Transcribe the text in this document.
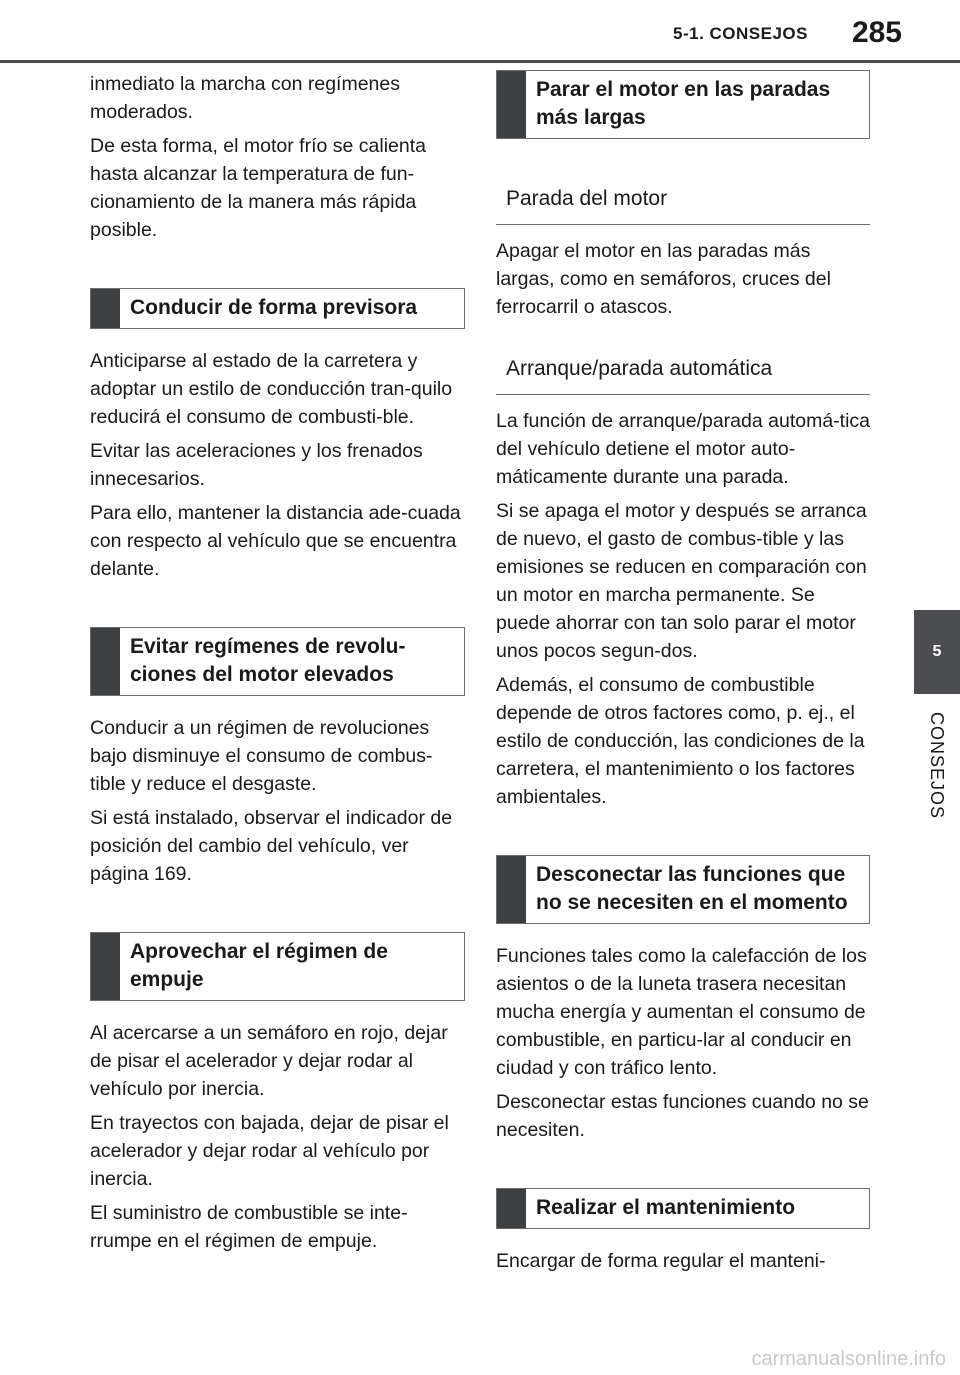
5-1. CONSEJOS 285
5
CONSEJOS

inmediato la marcha con regímenes moderados.

De esta forma, el motor frío se calienta hasta alcanzar la temperatura de fun-cionamiento de la manera más rápida posible.

Conducir de forma previsora

Anticiparse al estado de la carretera y adoptar un estilo de conducción tran-quilo reducirá el consumo de combusti-ble.

Evitar las aceleraciones y los frenados innecesarios.

Para ello, mantener la distancia ade-cuada con respecto al vehículo que se encuentra delante.

Evitar regímenes de revolu-ciones del motor elevados

Conducir a un régimen de revoluciones bajo disminuye el consumo de combus-tible y reduce el desgaste.

Si está instalado, observar el indicador de posición del cambio del vehículo, ver página 169.

Aprovechar el régimen de empuje

Al acercarse a un semáforo en rojo, dejar de pisar el acelerador y dejar rodar al vehículo por inercia.

En trayectos con bajada, dejar de pisar el acelerador y dejar rodar al vehículo por inercia.

El suministro de combustible se inte-rrumpe en el régimen de empuje.

Parar el motor en las paradas más largas
Parada del motor

Apagar el motor en las paradas más largas, como en semáforos, cruces del ferrocarril o atascos.

Arranque/parada automática

La función de arranque/parada automá-tica del vehículo detiene el motor auto-máticamente durante una parada.

Si se apaga el motor y después se arranca de nuevo, el gasto de combus-tible y las emisiones se reducen en comparación con un motor en marcha permanente. Se puede ahorrar con tan solo parar el motor unos pocos segun-dos.

Además, el consumo de combustible depende de otros factores como, p. ej., el estilo de conducción, las condiciones de la carretera, el mantenimiento o los factores ambientales.

Desconectar las funciones que no se necesiten en el momento

Funciones tales como la calefacción de los asientos o de la luneta trasera necesitan mucha energía y aumentan el consumo de combustible, en particu-lar al conducir en ciudad y con tráfico lento.

Desconectar estas funciones cuando no se necesiten.

Realizar el mantenimiento

Encargar de forma regular el manteni-

carmanualsonline.info
